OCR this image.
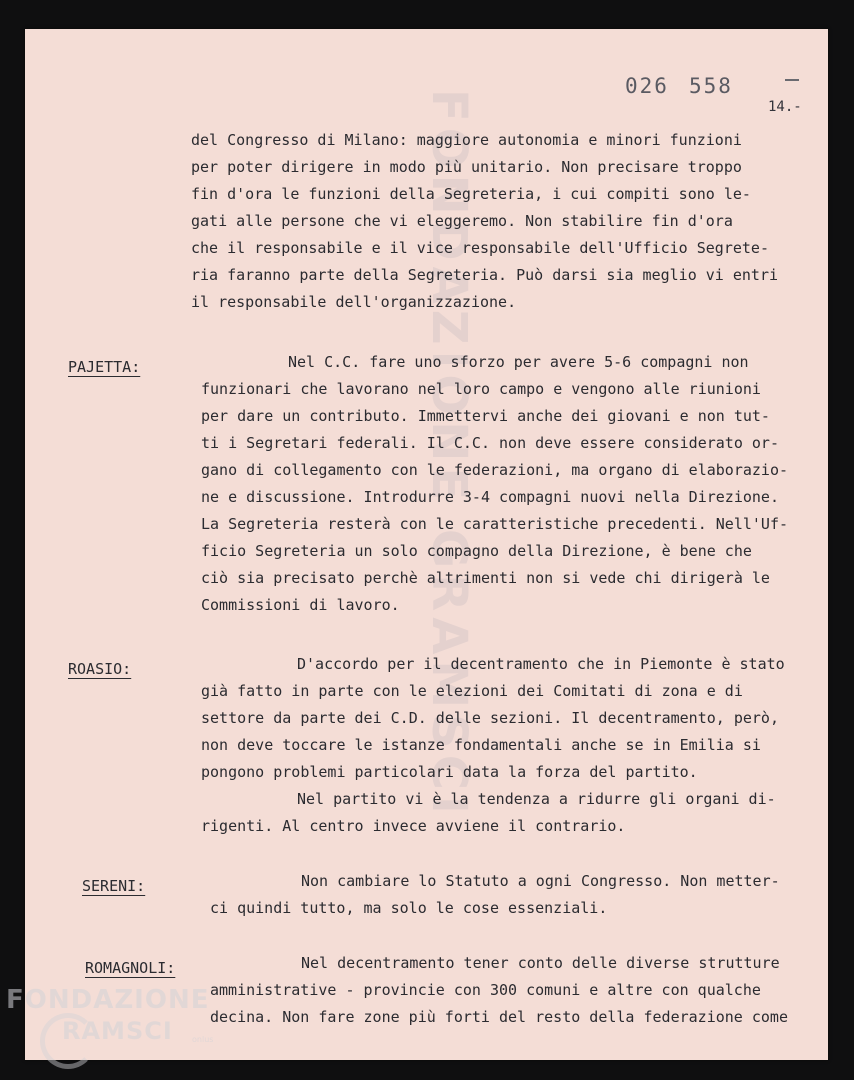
FONDAZIONE GRAMSCI
026 558
14.-
del Congresso di Milano: maggiore autonomia e minori funzioni
per poter dirigere in modo più unitario. Non precisare troppo
fin d'ora le funzioni della Segreteria, i cui compiti sono le-
gati alle persone che vi eleggeremo. Non stabilire fin d'ora
che il responsabile e il vice responsabile dell'Ufficio Segrete-
ria faranno parte della Segreteria. Può darsi sia meglio vi entri
il responsabile dell'organizzazione.
PAJETTA:	Nel C.C. fare uno sforzo per avere 5-6 compagni non
funzionari che lavorano nel loro campo e vengono alle riunioni
per dare un contributo. Immettervi anche dei giovani e non tut-
ti i Segretari federali. Il C.C. non deve essere considerato or-
gano di collegamento con le federazioni, ma organo di elaborazio-
ne e discussione. Introdurre 3-4 compagni nuovi nella Direzione.
La Segreteria resterà con le caratteristiche precedenti. Nell'Uf-
ficio Segreteria un solo compagno della Direzione, è bene che
ciò sia precisato perchè altrimenti non si vede chi dirigerà le
Commissioni di lavoro.
ROASIO:	D'accordo per il decentramento che in Piemonte è stato
già fatto in parte con le elezioni dei Comitati di zona e di
settore da parte dei C.D. delle sezioni. Il decentramento, però,
non deve toccare le istanze fondamentali anche se in Emilia si
pongono problemi particolari data la forza del partito.
Nel partito vi è la tendenza a ridurre gli organi di-
rigenti. Al centro invece avviene il contrario.
SERENI:	Non cambiare lo Statuto a ogni Congresso. Non metter-
ci quindi tutto, ma solo le cose essenziali.
ROMAGNOLI:	Nel decentramento tener conto delle diverse strutture
amministrative - provincie con 300 comuni e altre con qualche
decina. Non fare zone più forti del resto della federazione come
FONDAZIONE
RAMSCI onlus
